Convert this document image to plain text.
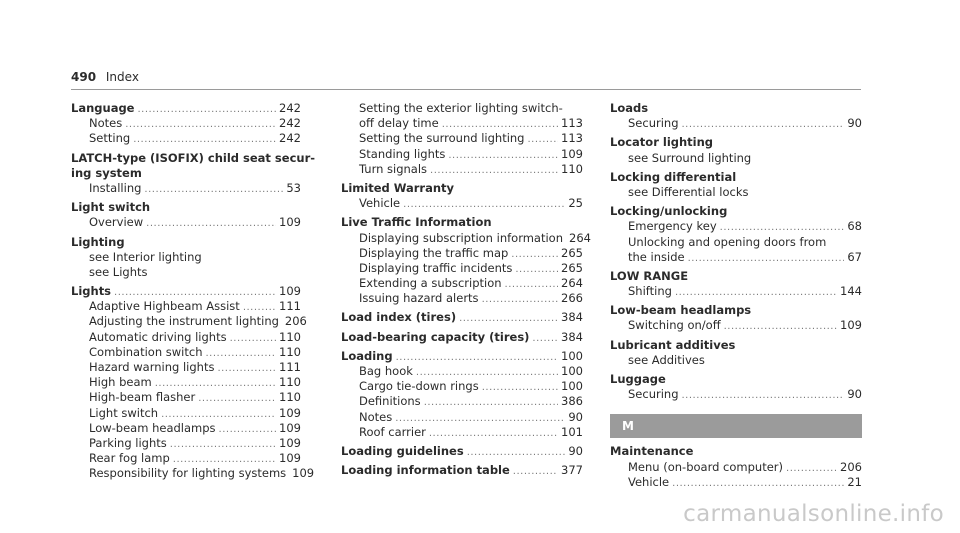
490 Index
Language .....	242
Notes .....	242
Setting .....	242
LATCH-type (ISOFIX) child seat secur-
ing system
Installing .....	53
Light switch
Overview .....	109
Lighting
see Interior lighting
see Lights
Lights .....	109
Adaptive Highbeam Assist .....	111
Adjusting the instrument lighting 206
Automatic driving lights .....	110
Combination switch .....	110
Hazard warning lights .....	111
High beam .....	110
High-beam flasher .....	110
Light switch .....	109
Low-beam headlamps .....	109
Parking lights .....	109
Rear fog lamp .....	109
Responsibility for lighting systems 109
Setting the exterior lighting switch-
off delay time .....	113
Setting the surround lighting .....	113
Standing lights .....	109
Turn signals .....	110
Limited Warranty
Vehicle .....	25
Live Traffic Information
Displaying subscription information 264
Displaying the traffic map .....	265
Displaying traffic incidents .....	265
Extending a subscription .....	264
Issuing hazard alerts .....	266
Load index (tires) .....	384
Load-bearing capacity (tires) .....	384
Loading .....	100
Bag hook .....	100
Cargo tie-down rings .....	100
Definitions .....	386
Notes .....	90
Roof carrier .....	101
Loading guidelines .....	90
Loading information table .....	377
Loads
Securing .....	90
Locator lighting
see Surround lighting
Locking differential
see Differential locks
Locking/unlocking
Emergency key .....	68
Unlocking and opening doors from
the inside .....	67
LOW RANGE
Shifting .....	144
Low-beam headlamps
Switching on/off .....	109
Lubricant additives
see Additives
Luggage
Securing .....	90
M
Maintenance
Menu (on-board computer) .....	206
Vehicle .....	21
carmanualsonline.info
